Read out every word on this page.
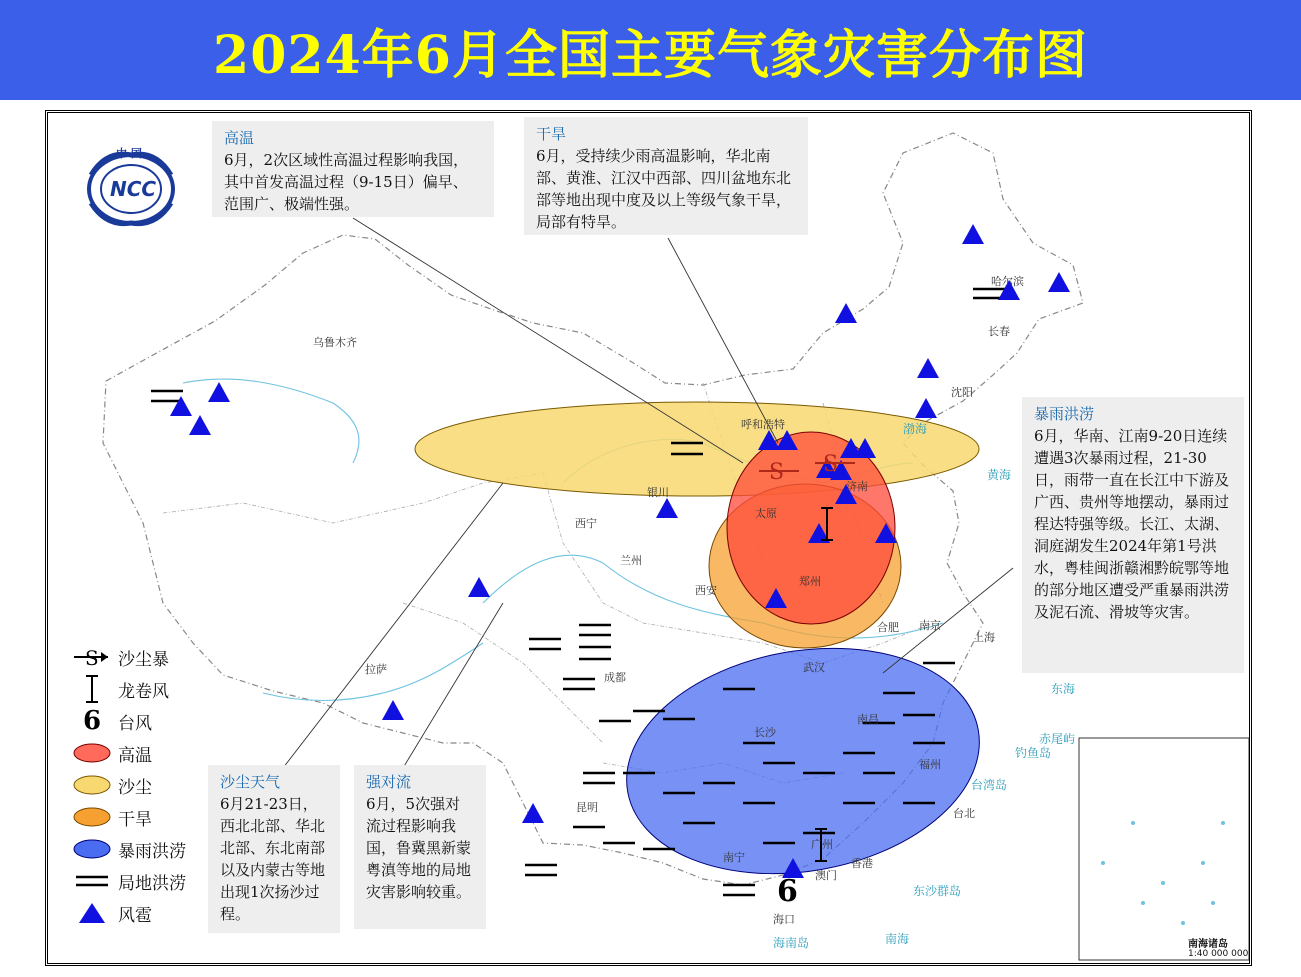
2024年6月全国主要气象灾害分布图
S S
6
乌鲁木齐
哈尔滨
长春
沈阳
呼和浩特
银川
太原
西宁
兰州
西安
郑州
合肥 南京
上海
拉萨
成都
武汉
长沙
南昌
福州
昆明
南宁
广州
澳门
香港
海口
台北
济南
渤海
黄海
东海
南海
台湾岛
钓鱼岛
赤尾屿
东沙群岛
海南岛
中 国
NCC
高温
6月，2次区域性高温过程影响我国，其中首发高温过程（9-15日）偏早、范围广、极端性强。
干旱
6月，受持续少雨高温影响，华北南部、黄淮、江汉中西部、四川盆地东北部等地出现中度及以上等级气象干旱，局部有特旱。
暴雨洪涝
6月，华南、江南9-20日连续遭遇3次暴雨过程，21-30日，雨带一直在长江中下游及广西、贵州等地摆动，暴雨过程达特强等级。长江、太湖、洞庭湖发生2024年第1号洪水，粤桂闽浙赣湘黔皖鄂等地的部分地区遭受严重暴雨洪涝及泥石流、滑坡等灾害。
沙尘天气
6月21-23日，西北北部、华北北部、东北南部以及内蒙古等地出现1次扬沙过程。
强对流
6月，5次强对流过程影响我国，鲁冀黑新蒙粤滇等地的局地灾害影响较重。
S 沙尘暴
龙卷风
6 台风
高温
沙尘
干旱
暴雨洪涝
局地洪涝
风雹
南海诸岛
1:40 000 000
